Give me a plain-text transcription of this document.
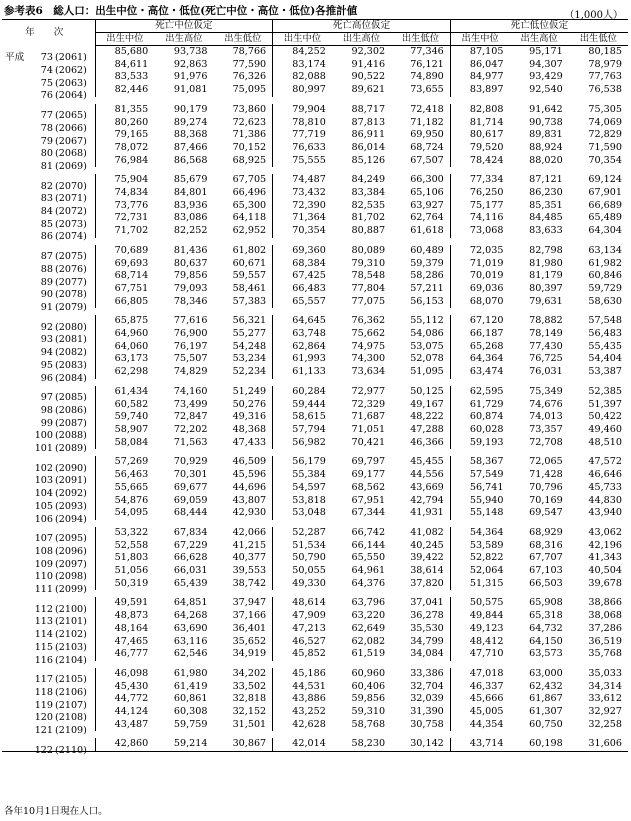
参考表6　総人口：出生中位・高位・低位(死亡中位・高位・低位)各推計値	（1,000人）
年 次	死亡中位仮定			死亡高位仮定			死亡低位仮定		
	出生中位	出生高位	出生低位	出生中位	出生高位	出生低位	出生中位	出生高位	出生低位

平成 73 (2061)	85,680	93,738	78,766	84,252	92,302	77,346	87,105	95,171	80,185

74 (2062)	84,611	92,863	77,590	83,174	91,416	76,121	86,047	94,307	78,979

75 (2063)	83,533	91,976	76,326	82,088	90,522	74,890	84,977	93,429	77,763

76 (2064)	82,446	91,081	75,095	80,997	89,621	73,655	83,897	92,540	76,538

77 (2065)	81,355	90,179	73,860	79,904	88,717	72,418	82,808	91,642	75,305

78 (2066)	80,260	89,274	72,623	78,810	87,813	71,182	81,714	90,738	74,069

79 (2067)	79,165	88,368	71,386	77,719	86,911	69,950	80,617	89,831	72,829

80 (2068)	78,072	87,466	70,152	76,633	86,014	68,724	79,520	88,924	71,590

81 (2069)	76,984	86,568	68,925	75,555	85,126	67,507	78,424	88,020	70,354

82 (2070)	75,904	85,679	67,705	74,487	84,249	66,300	77,334	87,121	69,124

83 (2071)	74,834	84,801	66,496	73,432	83,384	65,106	76,250	86,230	67,901

84 (2072)	73,776	83,936	65,300	72,390	82,535	63,927	75,177	85,351	66,689

85 (2073)	72,731	83,086	64,118	71,364	81,702	62,764	74,116	84,485	65,489

86 (2074)	71,702	82,252	62,952	70,354	80,887	61,618	73,068	83,633	64,304

87 (2075)	70,689	81,436	61,802	69,360	80,089	60,489	72,035	82,798	63,134

88 (2076)	69,693	80,637	60,671	68,384	79,310	59,379	71,019	81,980	61,982

89 (2077)	68,714	79,856	59,557	67,425	78,548	58,286	70,019	81,179	60,846

90 (2078)	67,751	79,093	58,461	66,483	77,804	57,211	69,036	80,397	59,729

91 (2079)	66,805	78,346	57,383	65,557	77,075	56,153	68,070	79,631	58,630

92 (2080)	65,875	77,616	56,321	64,645	76,362	55,112	67,120	78,882	57,548

93 (2081)	64,960	76,900	55,277	63,748	75,662	54,086	66,187	78,149	56,483

94 (2082)	64,060	76,197	54,248	62,864	74,975	53,075	65,268	77,430	55,435

95 (2083)	63,173	75,507	53,234	61,993	74,300	52,078	64,364	76,725	54,404

96 (2084)	62,298	74,829	52,234	61,133	73,634	51,095	63,474	76,031	53,387

97 (2085)	61,434	74,160	51,249	60,284	72,977	50,125	62,595	75,349	52,385

98 (2086)	60,582	73,499	50,276	59,444	72,329	49,167	61,729	74,676	51,397

99 (2087)	59,740	72,847	49,316	58,615	71,687	48,222	60,874	74,013	50,422

100 (2088)	58,907	72,202	48,368	57,794	71,051	47,288	60,028	73,357	49,460

101 (2089)	58,084	71,563	47,433	56,982	70,421	46,366	59,193	72,708	48,510

102 (2090)	57,269	70,929	46,509	56,179	69,797	45,455	58,367	72,065	47,572

103 (2091)	56,463	70,301	45,596	55,384	69,177	44,556	57,549	71,428	46,646

104 (2092)	55,665	69,677	44,696	54,597	68,562	43,669	56,741	70,796	45,733

105 (2093)	54,876	69,059	43,807	53,818	67,951	42,794	55,940	70,169	44,830

106 (2094)	54,095	68,444	42,930	53,048	67,344	41,931	55,148	69,547	43,940

107 (2095)	53,322	67,834	42,066	52,287	66,742	41,082	54,364	68,929	43,062

108 (2096)	52,558	67,229	41,215	51,534	66,144	40,245	53,589	68,316	42,196

109 (2097)	51,803	66,628	40,377	50,790	65,550	39,422	52,822	67,707	41,343

110 (2098)	51,056	66,031	39,553	50,055	64,961	38,614	52,064	67,103	40,504

111 (2099)	50,319	65,439	38,742	49,330	64,376	37,820	51,315	66,503	39,678

112 (2100)	49,591	64,851	37,947	48,614	63,796	37,041	50,575	65,908	38,866

113 (2101)	48,873	64,268	37,166	47,909	63,220	36,278	49,844	65,318	38,068

114 (2102)	48,164	63,690	36,401	47,213	62,649	35,530	49,123	64,732	37,286

115 (2103)	47,465	63,116	35,652	46,527	62,082	34,799	48,412	64,150	36,519

116 (2104)	46,777	62,546	34,919	45,852	61,519	34,084	47,710	63,573	35,768

117 (2105)	46,098	61,980	34,202	45,186	60,960	33,386	47,018	63,000	35,033

118 (2106)	45,430	61,419	33,502	44,531	60,406	32,704	46,337	62,432	34,314

119 (2107)	44,772	60,861	32,818	43,886	59,856	32,039	45,666	61,867	33,612

120 (2108)	44,124	60,308	32,152	43,252	59,310	31,390	45,005	61,307	32,927

121 (2109)	43,487	59,759	31,501	42,628	58,768	30,758	44,354	60,750	32,258

122 (2110)	42,860	59,214	30,867	42,014	58,230	30,142	43,714	60,198	31,606
各年10月1日現在人口。
